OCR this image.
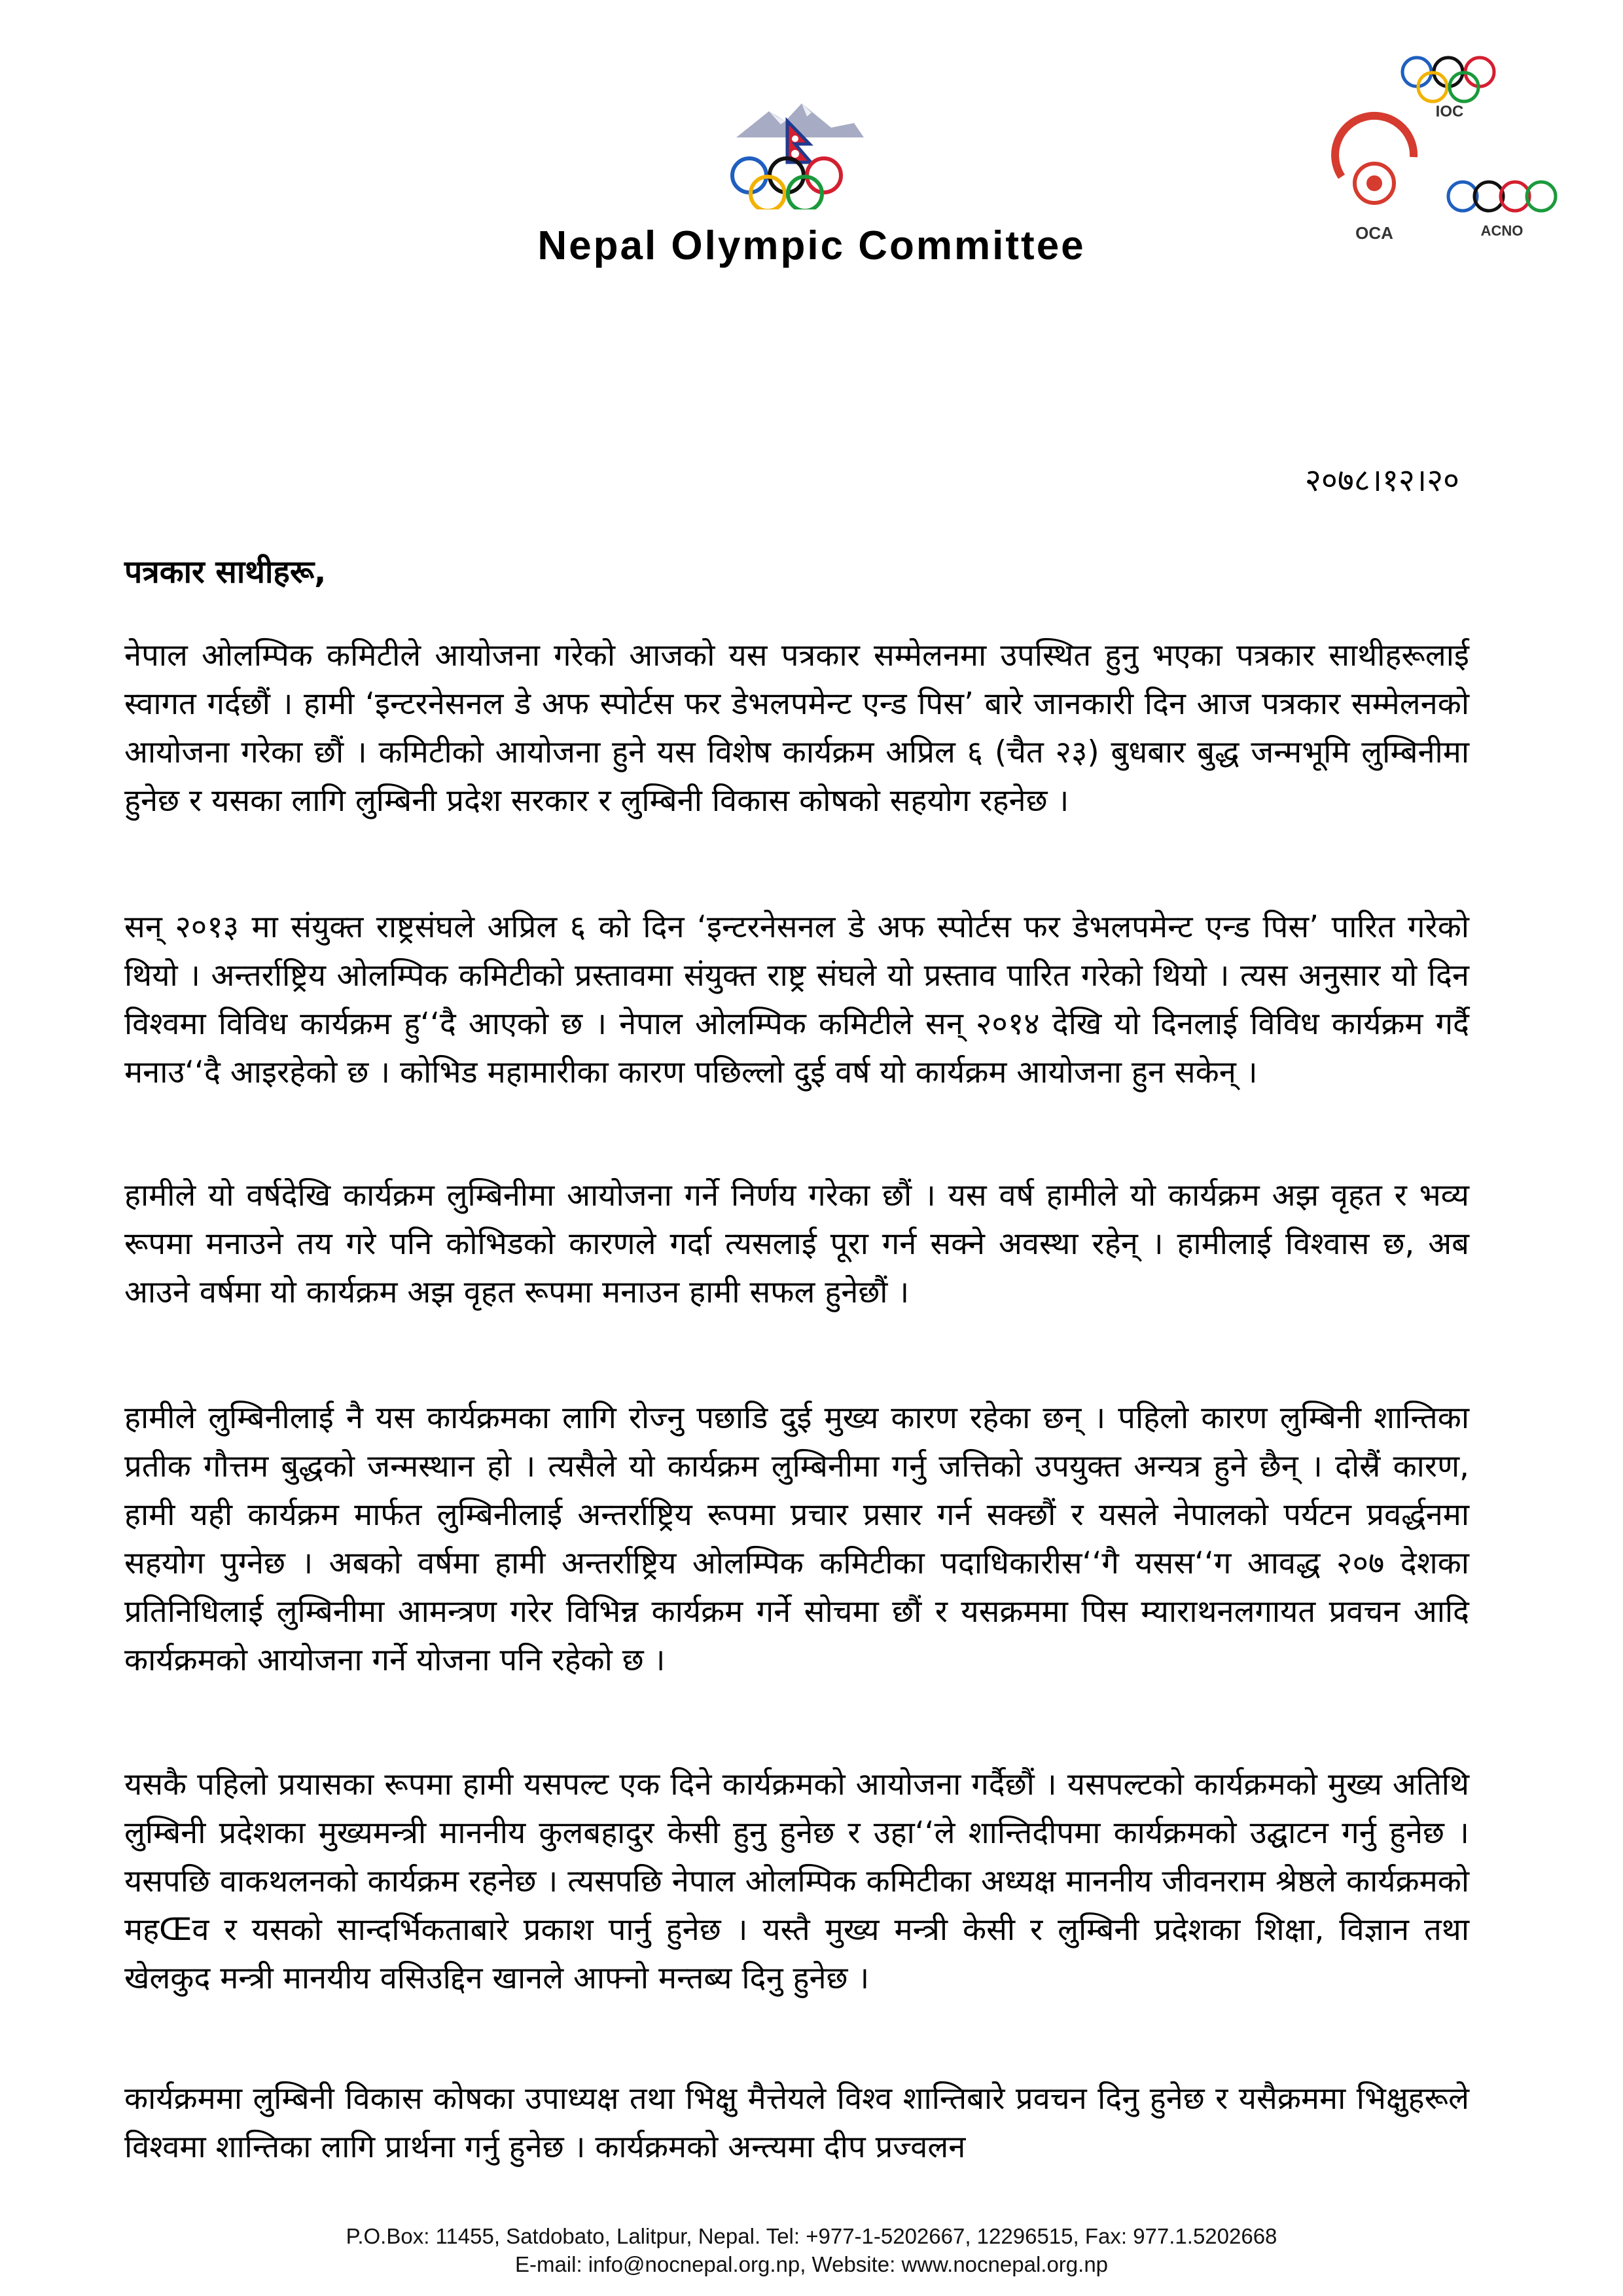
Nepal Olympic Committee
IOC
OCA	ACNO
२०७८।१२।२०
पत्रकार साथीहरू,
नेपाल ओलम्पिक कमिटीले आयोजना गरेको आजको यस पत्रकार सम्मेलनमा उपस्थित हुनु भएका पत्रकार साथीहरूलाई स्वागत गर्दछौं । हामी ‘इन्टरनेसनल डे अफ स्पोर्टस फर डेभलपमेन्ट एन्ड पिस’ बारे जानकारी दिन आज पत्रकार सम्मेलनको आयोजना गरेका छौं । कमिटीको आयोजना हुने यस विशेष कार्यक्रम अप्रिल ६ (चैत २३) बुधबार बुद्ध जन्मभूमि लुम्बिनीमा हुनेछ र यसका लागि लुम्बिनी प्रदेश सरकार र लुम्बिनी विकास कोषको सहयोग रहनेछ ।
सन् २०१३ मा संयुक्त राष्ट्रसंघले अप्रिल ६ को दिन ‘इन्टरनेसनल डे अफ स्पोर्टस फर डेभलपमेन्ट एन्ड पिस’ पारित गरेको थियो । अन्तर्राष्ट्रिय ओलम्पिक कमिटीको प्रस्तावमा संयुक्त राष्ट्र संघले यो प्रस्ताव पारित गरेको थियो । त्यस अनुसार यो दिन विश्वमा विविध कार्यक्रम हु‘‘दै आएको छ । नेपाल ओलम्पिक कमिटीले सन् २०१४ देखि यो दिनलाई विविध कार्यक्रम गर्दै मनाउ‘‘दै आइरहेको छ । कोभिड महामारीका कारण पछिल्लो दुई वर्ष यो कार्यक्रम आयोजना हुन सकेन् ।
हामीले यो वर्षदेखि कार्यक्रम लुम्बिनीमा आयोजना गर्ने निर्णय गरेका छौं । यस वर्ष हामीले यो कार्यक्रम अझ वृहत र भव्य रूपमा मनाउने तय गरे पनि कोभिडको कारणले गर्दा त्यसलाई पूरा गर्न सक्ने अवस्था रहेन् । हामीलाई विश्वास छ, अब आउने वर्षमा यो कार्यक्रम अझ वृहत रूपमा मनाउन हामी सफल हुनेछौं ।
हामीले लुम्बिनीलाई नै यस कार्यक्रमका लागि रोज्नु पछाडि दुई मुख्य कारण रहेका छन् । पहिलो कारण लुम्बिनी शान्तिका प्रतीक गौत्तम बुद्धको जन्मस्थान हो । त्यसैले यो कार्यक्रम लुम्बिनीमा गर्नु जत्तिको उपयुक्त अन्यत्र हुने छैन् । दोस्रैं कारण, हामी यही कार्यक्रम मार्फत लुम्बिनीलाई अन्तर्राष्ट्रिय रूपमा प्रचार प्रसार गर्न सक्छौं र यसले नेपालको पर्यटन प्रवर्द्धनमा सहयोग पुग्नेछ । अबको वर्षमा हामी अन्तर्राष्ट्रिय ओलम्पिक कमिटीका पदाधिकारीस‘‘गै यसस‘‘ग आवद्ध २०७ देशका प्रतिनिधिलाई लुम्बिनीमा आमन्त्रण गरेर विभिन्न कार्यक्रम गर्ने सोचमा छौं र यसक्रममा पिस म्याराथनलगायत प्रवचन आदि कार्यक्रमको आयोजना गर्ने योजना पनि रहेको छ ।
यसकै पहिलो प्रयासका रूपमा हामी यसपल्ट एक दिने कार्यक्रमको आयोजना गर्दैछौं । यसपल्टको कार्यक्रमको मुख्य अतिथि लुम्बिनी प्रदेशका मुख्यमन्त्री माननीय कुलबहादुर केसी हुनु हुनेछ र उहा‘‘ले शान्तिदीपमा कार्यक्रमको उद्घाटन गर्नु हुनेछ । यसपछि वाकथलनको कार्यक्रम रहनेछ । त्यसपछि नेपाल ओलम्पिक कमिटीका अध्यक्ष माननीय जीवनराम श्रेष्ठले कार्यक्रमको महŒव र यसको सान्दर्भिकताबारे प्रकाश पार्नु हुनेछ । यस्तै मुख्य मन्त्री केसी र लुम्बिनी प्रदेशका शिक्षा, विज्ञान तथा खेलकुद मन्त्री मानयीय वसिउद्दिन खानले आफ्नो मन्तब्य दिनु हुनेछ ।
कार्यक्रममा लुम्बिनी विकास कोषका उपाध्यक्ष तथा भिक्षु मैत्तेयले विश्व शान्तिबारे प्रवचन दिनु हुनेछ र यसैक्रममा भिक्षुहरूले विश्वमा शान्तिका लागि प्रार्थना गर्नु हुनेछ । कार्यक्रमको अन्त्यमा दीप प्रज्वलन
P.O.Box: 11455, Satdobato, Lalitpur, Nepal. Tel: +977-1-5202667, 12296515, Fax: 977.1.5202668
E-mail: info@nocnepal.org.np, Website: www.nocnepal.org.np
